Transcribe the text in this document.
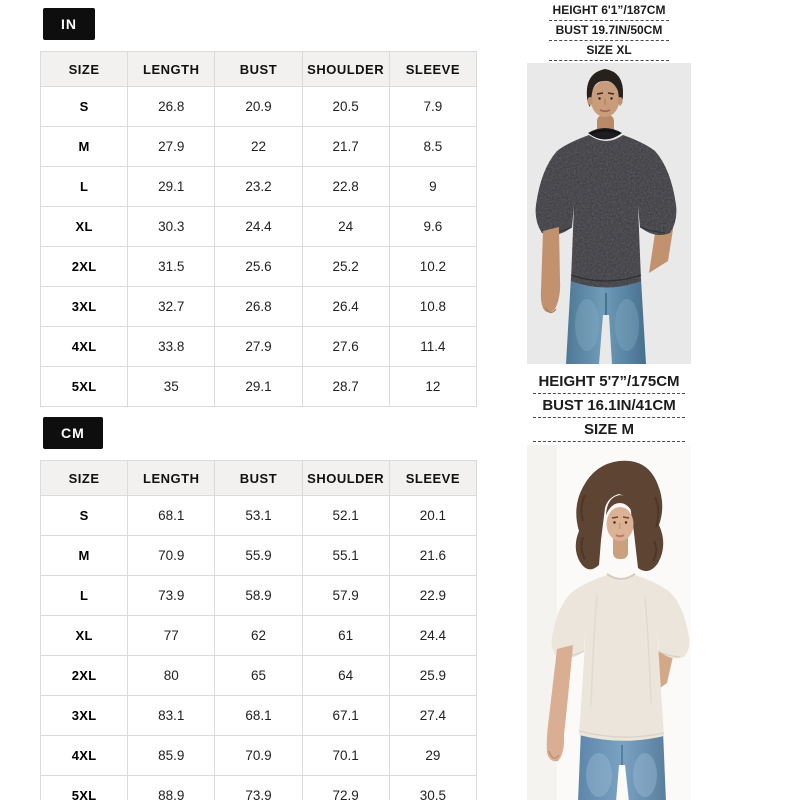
IN
SIZE	LENGTH	BUST	SHOULDER	SLEEVE
S	26.8	20.9	20.5	7.9
M	27.9	22	21.7	8.5
L	29.1	23.2	22.8	9
XL	30.3	24.4	24	9.6
2XL	31.5	25.6	25.2	10.2
3XL	32.7	26.8	26.4	10.8
4XL	33.8	27.9	27.6	11.4
5XL	35	29.1	28.7	12
CM
SIZE	LENGTH	BUST	SHOULDER	SLEEVE
S	68.1	53.1	52.1	20.1
M	70.9	55.9	55.1	21.6
L	73.9	58.9	57.9	22.9
XL	77	62	61	24.4
2XL	80	65	64	25.9
3XL	83.1	68.1	67.1	27.4
4XL	85.9	70.9	70.1	29
5XL	88.9	73.9	72.9	30.5
HEIGHT 6'1”/187CM
BUST 19.7IN/50CM
SIZE XL
HEIGHT 5'7”/175CM
BUST 16.1IN/41CM
SIZE M
